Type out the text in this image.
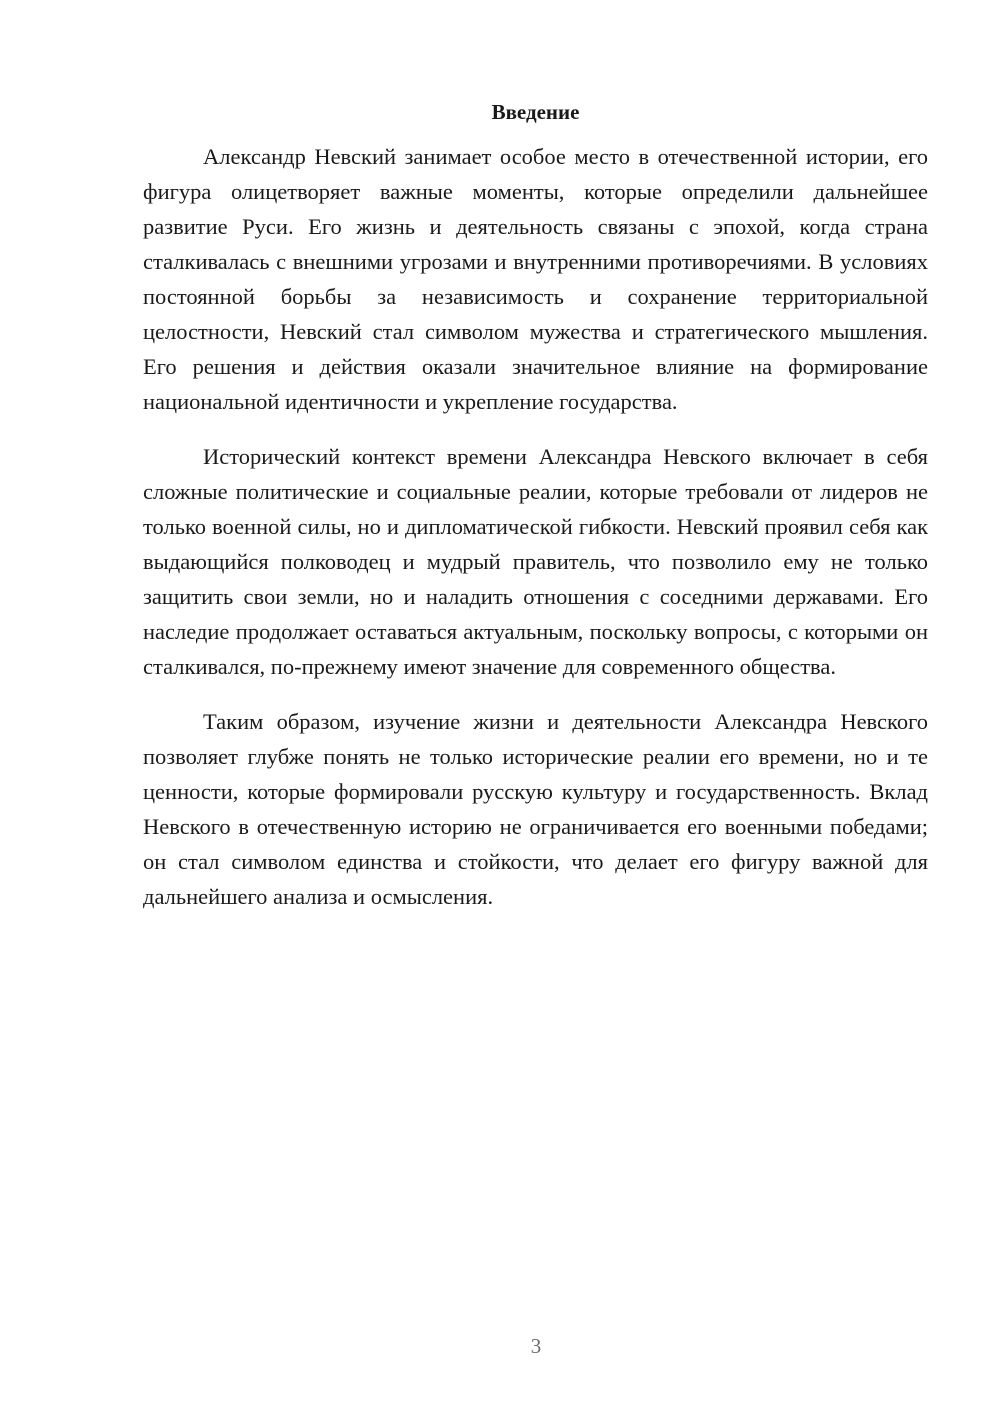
Введение

Александр Невский занимает особое место в отечественной истории, его фигура олицетворяет важные моменты, которые определили дальнейшее развитие Руси. Его жизнь и деятельность связаны с эпохой, когда страна сталкивалась с внешними угрозами и внутренними противоречиями. В условиях постоянной борьбы за независимость и сохранение территориальной целостности, Невский стал символом мужества и стратегического мышления. Его решения и действия оказали значительное влияние на формирование национальной идентичности и укрепление государства.

Исторический контекст времени Александра Невского включает в себя сложные политические и социальные реалии, которые требовали от лидеров не только военной силы, но и дипломатической гибкости. Невский проявил себя как выдающийся полководец и мудрый правитель, что позволило ему не только защитить свои земли, но и наладить отношения с соседними державами. Его наследие продолжает оставаться актуальным, поскольку вопросы, с которыми он сталкивался, по-прежнему имеют значение для современного общества.

Таким образом, изучение жизни и деятельности Александра Невского позволяет глубже понять не только исторические реалии его времени, но и те ценности, которые формировали русскую культуру и государственность. Вклад Невского в отечественную историю не ограничивается его военными победами; он стал символом единства и стойкости, что делает его фигуру важной для дальнейшего анализа и осмысления.

3
